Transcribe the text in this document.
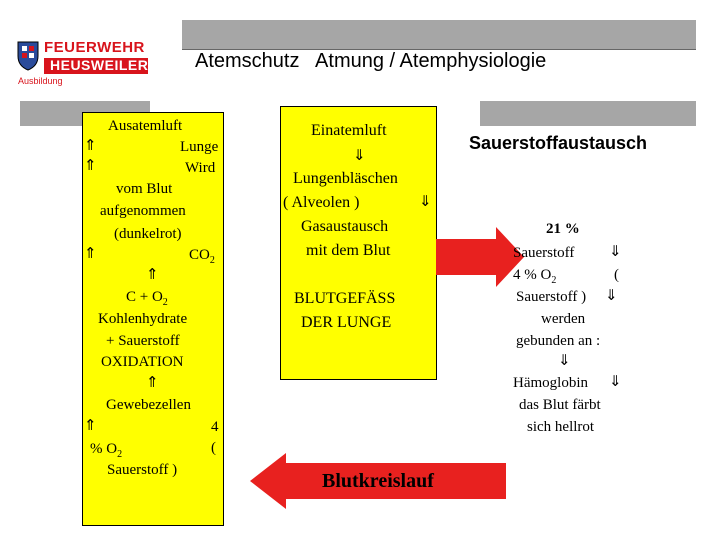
FEUERWEHR
HEUSWEILER
Ausbildung
Atemschutz   Atmung / Atemphysiologie
Ausatemluft
⇑	Lunge
⇑	Wird
vom Blut
aufgenommen
(dunkelrot)
⇑	$CO_2$
⇑
$C + O_2$
Kohlenhydrate
+ Sauerstoff
OXIDATION
⇑
Gewebezellen
⇑	4
% $O_2$	(
Sauerstoff )
Einatemluft
⇓
Lungenbläschen
( Alveolen )	⇓
Gasaustausch
mit dem Blut
BLUTGEFÄSS
DER LUNGE
Blutkreislauf
Sauerstoffaustausch
21 %
Sauerstoff ⇓
4 % $O_2$	(
Sauerstoff ) ⇓
werden
gebunden an :
⇓
Hämoglobin ⇓
das Blut färbt
sich hellrot
